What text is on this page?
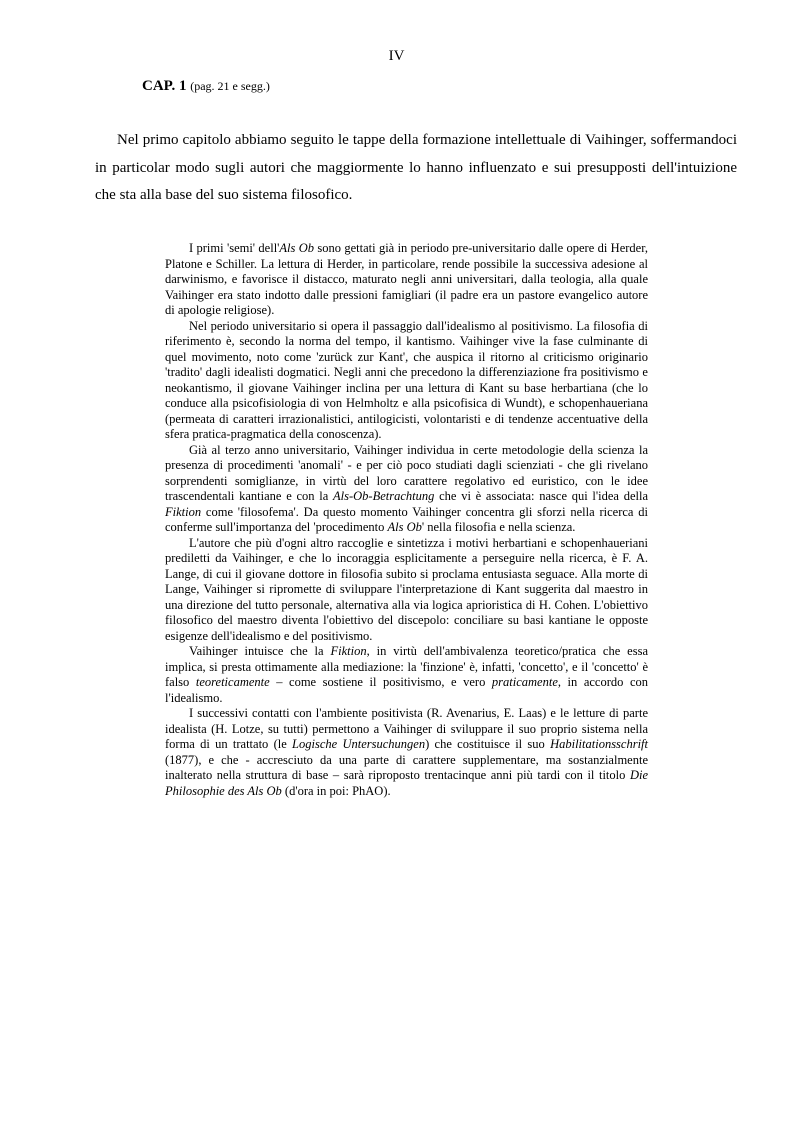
IV

CAP. 1 (pag. 21 e segg.)

Nel primo capitolo abbiamo seguito le tappe della formazione intellettuale di Vaihinger, soffermandoci in particolar modo sugli autori che maggiormente lo hanno influenzato e sui presupposti dell'intuizione che sta alla base del suo sistema filosofico.

I primi 'semi' dell'Als Ob sono gettati già in periodo pre-universitario dalle opere di Herder, Platone e Schiller. La lettura di Herder, in particolare, rende possibile la successiva adesione al darwinismo, e favorisce il distacco, maturato negli anni universitari, dalla teologia, alla quale Vaihinger era stato indotto dalle pressioni famigliari (il padre era un pastore evangelico autore di apologie religiose).

Nel periodo universitario si opera il passaggio dall'idealismo al positivismo. La filosofia di riferimento è, secondo la norma del tempo, il kantismo. Vaihinger vive la fase culminante di quel movimento, noto come 'zurück zur Kant', che auspica il ritorno al criticismo originario 'tradito' dagli idealisti dogmatici. Negli anni che precedono la differenziazione fra positivismo e neokantismo, il giovane Vaihinger inclina per una lettura di Kant su base herbartiana (che lo conduce alla psicofisiologia di von Helmholtz e alla psicofisica di Wundt), e schopenhaueriana (permeata di caratteri irrazionalistici, antilogicisti, volontaristi e di tendenze accentuative della sfera pratica-pragmatica della conoscenza).

Già al terzo anno universitario, Vaihinger individua in certe metodologie della scienza la presenza di procedimenti 'anomali' - e per ciò poco studiati dagli scienziati - che gli rivelano sorprendenti somiglianze, in virtù del loro carattere regolativo ed euristico, con le idee trascendentali kantiane e con la Als-Ob-Betrachtung che vi è associata: nasce qui l'idea della Fiktion come 'filosofema'. Da questo momento Vaihinger concentra gli sforzi nella ricerca di conferme sull'importanza del 'procedimento Als Ob' nella filosofia e nella scienza.

L'autore che più d'ogni altro raccoglie e sintetizza i motivi herbartiani e schopenhaueriani prediletti da Vaihinger, e che lo incoraggia esplicitamente a perseguire nella ricerca, è F. A. Lange, di cui il giovane dottore in filosofia subito si proclama entusiasta seguace. Alla morte di Lange, Vaihinger si ripromette di sviluppare l'interpretazione di Kant suggerita dal maestro in una direzione del tutto personale, alternativa alla via logica aprioristica di H. Cohen. L'obiettivo filosofico del maestro diventa l'obiettivo del discepolo: conciliare su basi kantiane le opposte esigenze dell'idealismo e del positivismo.

Vaihinger intuisce che la Fiktion, in virtù dell'ambivalenza teoretico/pratica che essa implica, si presta ottimamente alla mediazione: la 'finzione' è, infatti, 'concetto', e il 'concetto' è falso teoreticamente – come sostiene il positivismo, e vero praticamente, in accordo con l'idealismo.

I successivi contatti con l'ambiente positivista (R. Avenarius, E. Laas) e le letture di parte idealista (H. Lotze, su tutti) permettono a Vaihinger di sviluppare il suo proprio sistema nella forma di un trattato (le Logische Untersuchungen) che costituisce il suo Habilitationsschrift (1877), e che - accresciuto da una parte di carattere supplementare, ma sostanzialmente inalterato nella struttura di base – sarà riproposto trentacinque anni più tardi con il titolo Die Philosophie des Als Ob (d'ora in poi: PhAO).
